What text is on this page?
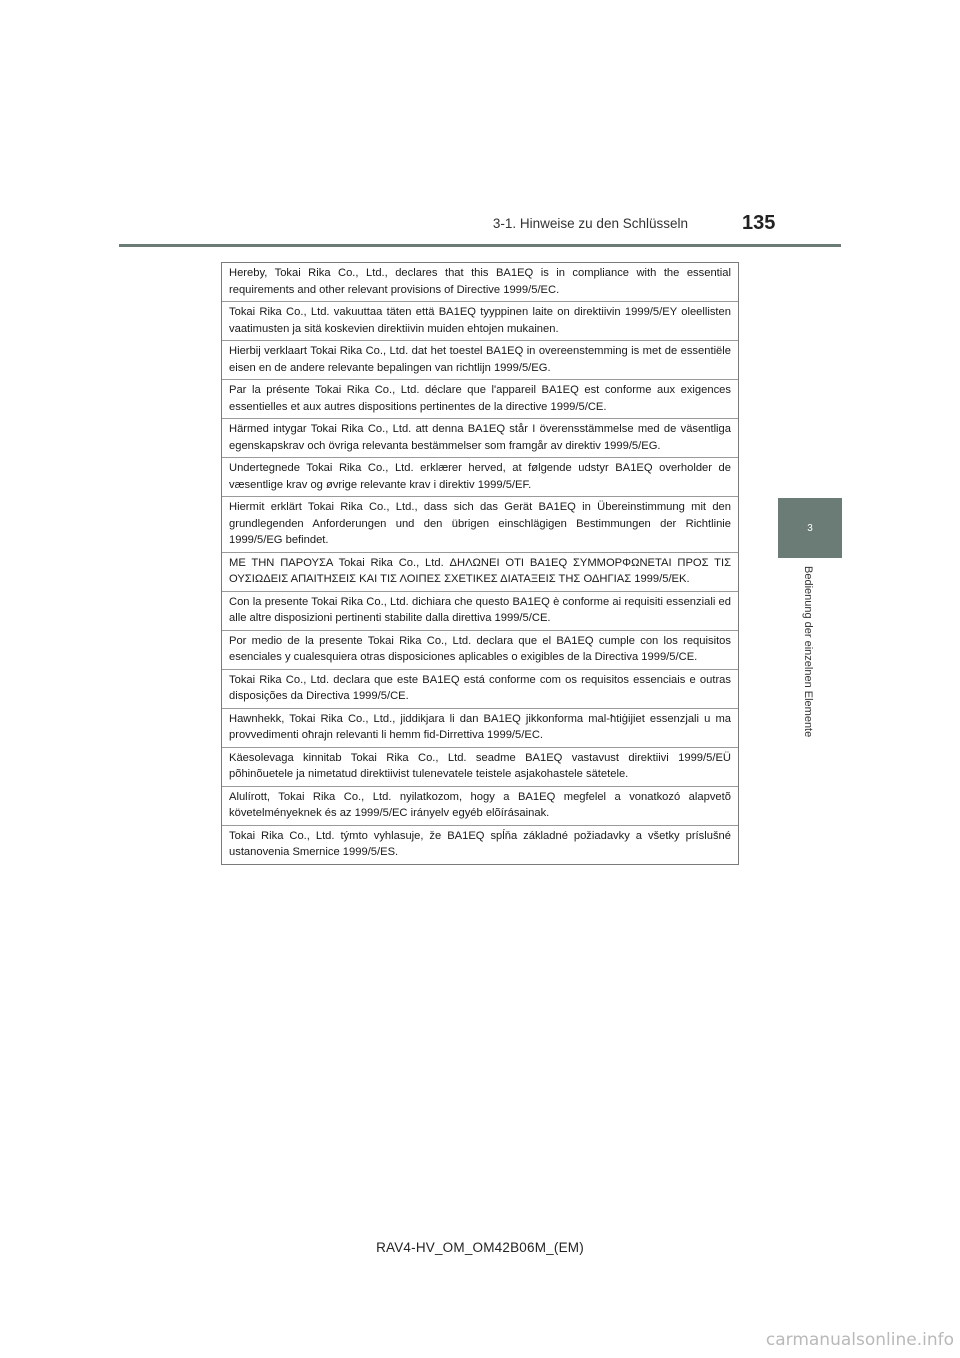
3-1. Hinweise zu den Schlüsseln	135
3
Bedienung der einzelnen Elemente
Hereby, Tokai Rika Co., Ltd., declares that this BA1EQ is in compliance with the essential requirements and other relevant provisions of Directive 1999/5/EC.
Tokai Rika Co., Ltd. vakuuttaa täten että BA1EQ tyyppinen laite on direktiivin 1999/5/EY oleellisten vaatimusten ja sitä koskevien direktiivin muiden ehtojen mukainen.
Hierbij verklaart Tokai Rika Co., Ltd. dat het toestel BA1EQ in overeenstemming is met de essentiële eisen en de andere relevante bepalingen van richtlijn 1999/5/EG.
Par la présente Tokai Rika Co., Ltd. déclare que l'appareil BA1EQ est conforme aux exigences essentielles et aux autres dispositions pertinentes de la directive 1999/5/CE.
Härmed intygar Tokai Rika Co., Ltd. att denna BA1EQ står I överensstämmelse med de väsentliga egenskapskrav och övriga relevanta bestämmelser som framgår av direktiv 1999/5/EG.
Undertegnede Tokai Rika Co., Ltd. erklærer herved, at følgende udstyr BA1EQ overholder de væsentlige krav og øvrige relevante krav i direktiv 1999/5/EF.
Hiermit erklärt Tokai Rika Co., Ltd., dass sich das Gerät BA1EQ in Übereinstimmung mit den grundlegenden Anforderungen und den übrigen einschlägigen Bestimmungen der Richtlinie 1999/5/EG befindet.
ΜΕ ΤΗΝ ΠΑΡΟΥΣΑ Tokai Rika Co., Ltd. ΔΗΛΩΝΕΙ ΟΤΙ BA1EQ ΣΥΜΜΟΡΦΩΝΕΤΑΙ ΠΡΟΣ ΤΙΣ ΟΥΣΙΩΔΕΙΣ ΑΠΑΙΤΗΣΕΙΣ ΚΑΙ ΤΙΣ ΛΟΙΠΕΣ ΣΧΕΤΙΚΕΣ ΔΙΑΤΑΞΕΙΣ ΤΗΣ ΟΔΗΓΙΑΣ 1999/5/ΕΚ.
Con la presente Tokai Rika Co., Ltd. dichiara che questo BA1EQ è conforme ai requisiti essenziali ed alle altre disposizioni pertinenti stabilite dalla direttiva 1999/5/CE.
Por medio de la presente Tokai Rika Co., Ltd. declara que el BA1EQ cumple con los requisitos esenciales y cualesquiera otras disposiciones aplicables o exigibles de la Directiva 1999/5/CE.
Tokai Rika Co., Ltd. declara que este BA1EQ está conforme com os requisitos essenciais e outras disposições da Directiva 1999/5/CE.
Hawnhekk, Tokai Rika Co., Ltd., jiddikjara li dan BA1EQ jikkonforma mal-ħtiġijiet essenzjali u ma provvedimenti oħrajn relevanti li hemm fid-Dirrettiva 1999/5/EC.
Käesolevaga kinnitab Tokai Rika Co., Ltd. seadme BA1EQ vastavust direktiivi 1999/5/EÜ põhinõuetele ja nimetatud direktiivist tulenevatele teistele asjakohastele sätetele.
Alulírott, Tokai Rika Co., Ltd. nyilatkozom, hogy a BA1EQ megfelel a vonatkozó alapvetõ követelményeknek és az 1999/5/EC irányelv egyéb elõírásainak.
Tokai Rika Co., Ltd. týmto vyhlasuje, že BA1EQ spĺňa základné požiadavky a všetky príslušné ustanovenia Smernice 1999/5/ES.
RAV4-HV_OM_OM42B06M_(EM)
carmanualsonline.info
